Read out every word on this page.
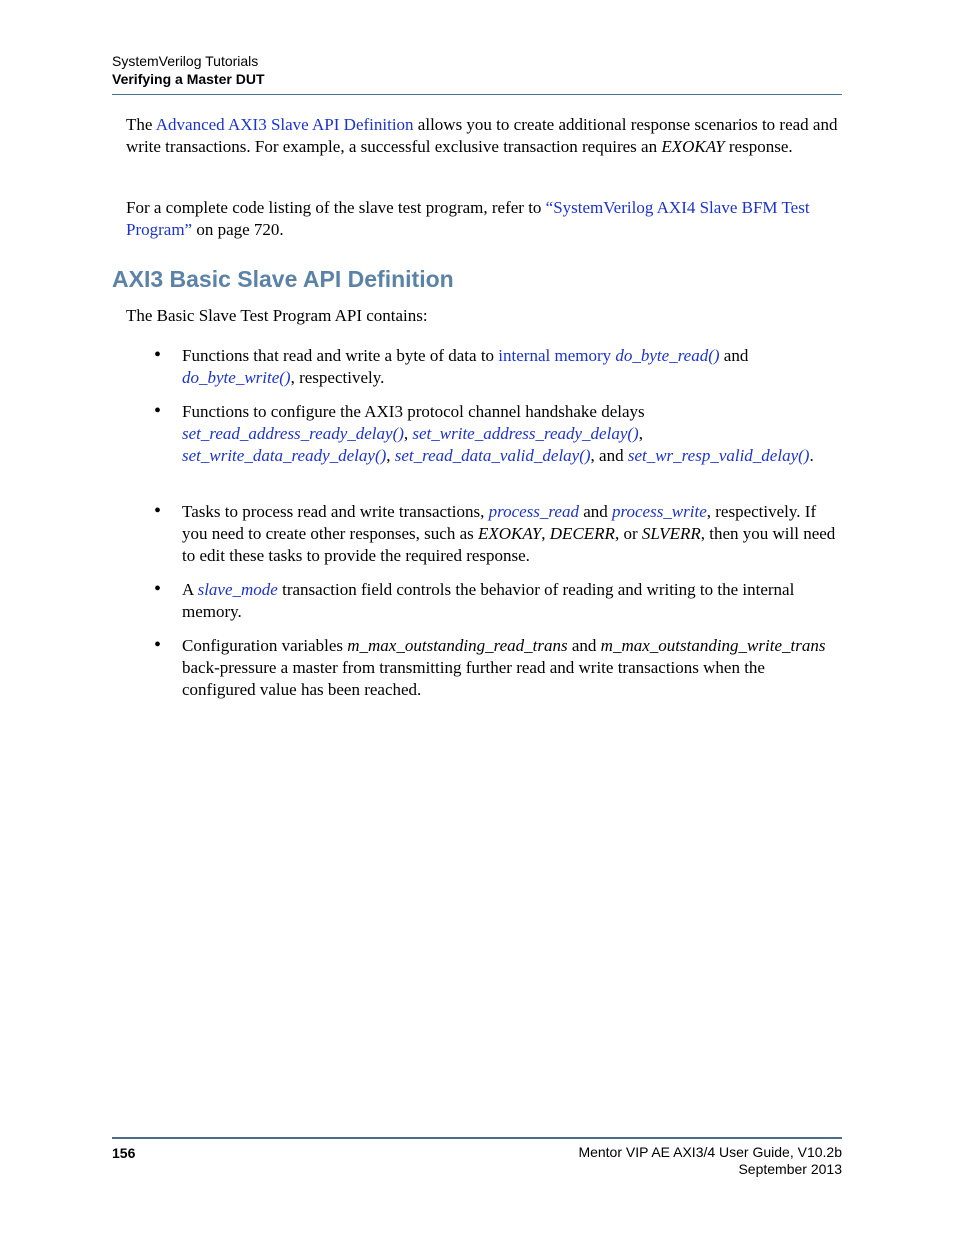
SystemVerilog Tutorials
Verifying a Master DUT
The Advanced AXI3 Slave API Definition allows you to create additional response scenarios to read and write transactions. For example, a successful exclusive transaction requires an EXOKAY response.
For a complete code listing of the slave test program, refer to “SystemVerilog AXI4 Slave BFM Test Program” on page 720.
AXI3 Basic Slave API Definition
The Basic Slave Test Program API contains:
• Functions that read and write a byte of data to internal memory do_byte_read() and do_byte_write(), respectively.
• Functions to configure the AXI3 protocol channel handshake delays set_read_address_ready_delay(), set_write_address_ready_delay(), set_write_data_ready_delay(), set_read_data_valid_delay(), and set_wr_resp_valid_delay().
• Tasks to process read and write transactions, process_read and process_write, respectively. If you need to create other responses, such as EXOKAY, DECERR, or SLVERR, then you will need to edit these tasks to provide the required response.
• A slave_mode transaction field controls the behavior of reading and writing to the internal memory.
• Configuration variables m_max_outstanding_read_trans and m_max_outstanding_write_trans back-pressure a master from transmitting further read and write transactions when the configured value has been reached.
156	Mentor VIP AE AXI3/4 User Guide, V10.2b
September 2013
